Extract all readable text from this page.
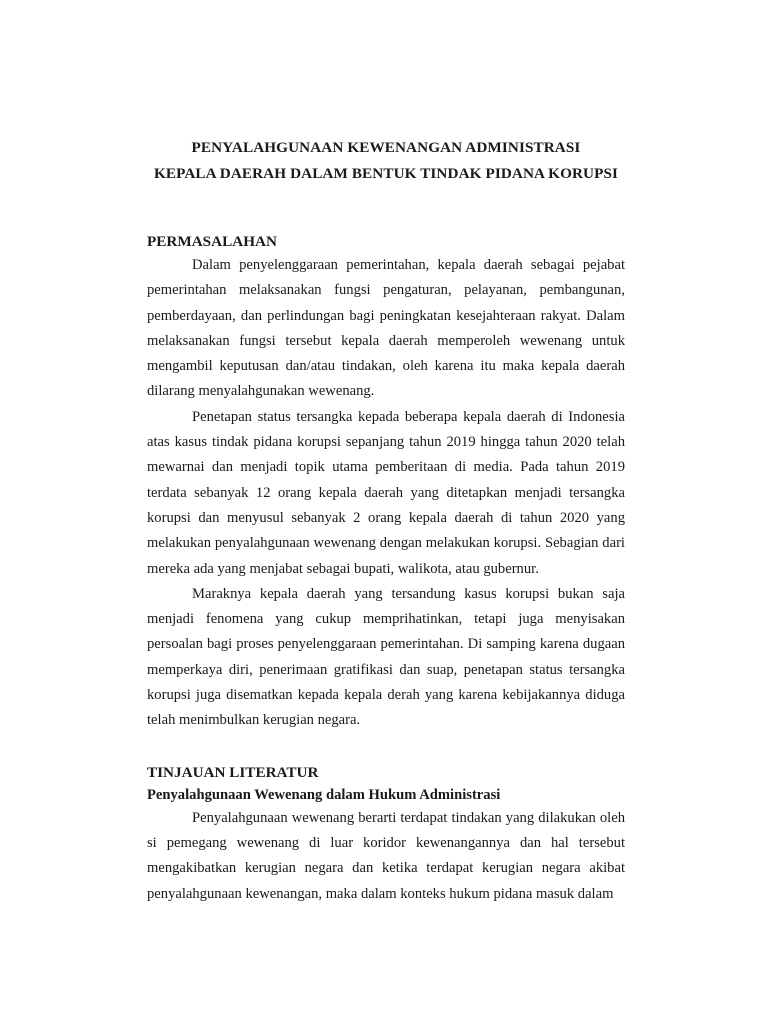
PENYALAHGUNAAN KEWENANGAN ADMINISTRASI
KEPALA DAERAH DALAM BENTUK TINDAK PIDANA KORUPSI
PERMASALAHAN

Dalam penyelenggaraan pemerintahan, kepala daerah sebagai pejabat pemerintahan melaksanakan fungsi pengaturan, pelayanan, pembangunan, pemberdayaan, dan perlindungan bagi peningkatan kesejahteraan rakyat. Dalam melaksanakan fungsi tersebut kepala daerah memperoleh wewenang untuk mengambil keputusan dan/atau tindakan, oleh karena itu maka kepala daerah dilarang menyalahgunakan wewenang.

Penetapan status tersangka kepada beberapa kepala daerah di Indonesia atas kasus tindak pidana korupsi sepanjang tahun 2019 hingga tahun 2020 telah mewarnai dan menjadi topik utama pemberitaan di media. Pada tahun 2019 terdata sebanyak 12 orang kepala daerah yang ditetapkan menjadi tersangka korupsi dan menyusul sebanyak 2 orang kepala daerah di tahun 2020 yang melakukan penyalahgunaan wewenang dengan melakukan korupsi. Sebagian dari mereka ada yang menjabat sebagai bupati, walikota, atau gubernur.

Maraknya kepala daerah yang tersandung kasus korupsi bukan saja menjadi fenomena yang cukup memprihatinkan, tetapi juga menyisakan persoalan bagi proses penyelenggaraan pemerintahan. Di samping karena dugaan memperkaya diri, penerimaan gratifikasi dan suap, penetapan status tersangka korupsi juga disematkan kepada kepala derah yang karena kebijakannya diduga telah menimbulkan kerugian negara.

TINJAUAN LITERATUR
Penyalahgunaan Wewenang dalam Hukum Administrasi

Penyalahgunaan wewenang berarti terdapat tindakan yang dilakukan oleh si pemegang wewenang di luar koridor kewenangannya dan hal tersebut mengakibatkan kerugian negara dan ketika terdapat kerugian negara akibat penyalahgunaan kewenangan, maka dalam konteks hukum pidana masuk dalam
